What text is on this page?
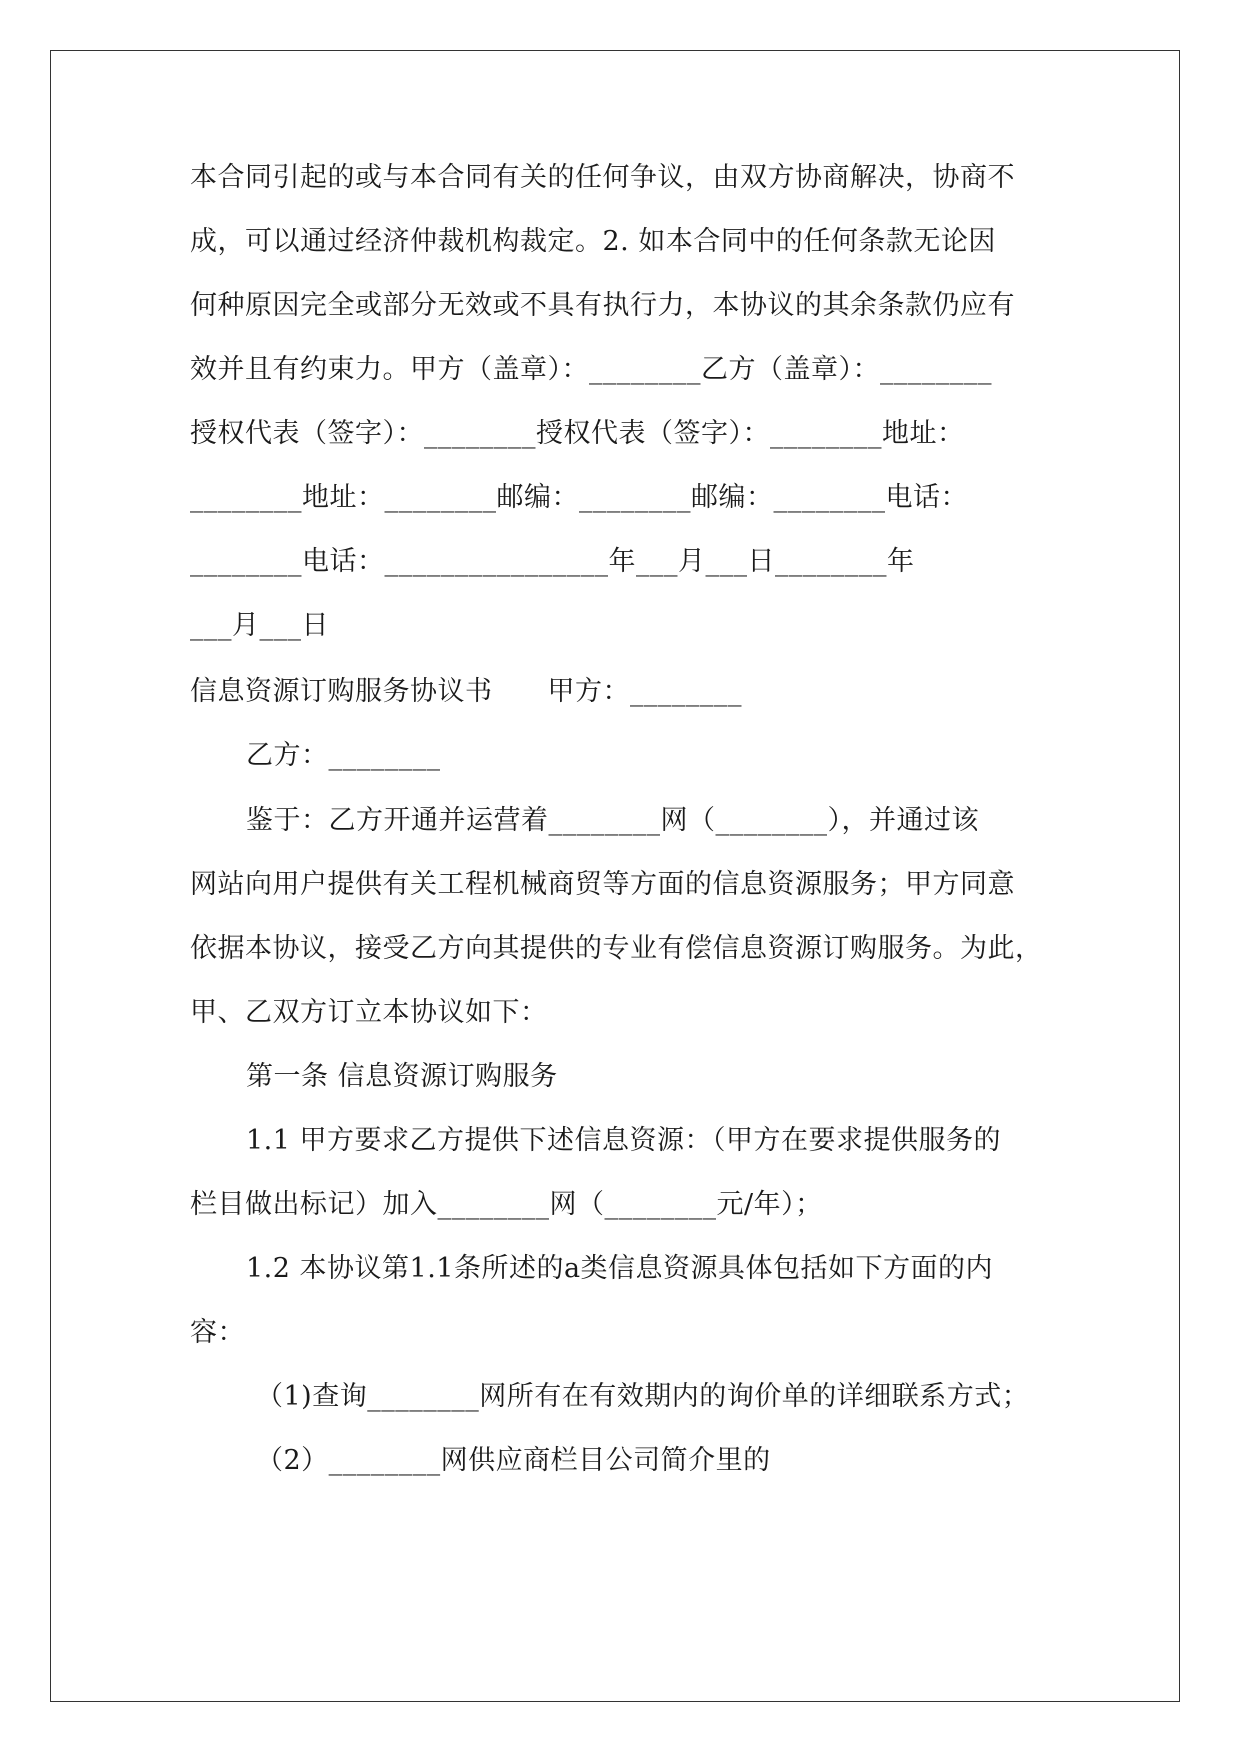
本合同引起的或与本合同有关的任何争议，由双方协商解决，协商不
成，可以通过经济仲裁机构裁定。2. 如本合同中的任何条款无论因
何种原因完全或部分无效或不具有执行力，本协议的其余条款仍应有
效并且有约束力。甲方（盖章）：________乙方（盖章）：________
授权代表（签字）：________授权代表（签字）：________地址：
________地址：________邮编：________邮编：________电话：
________电话：________________年___月___日________年
___月___日
信息资源订购服务协议书　　甲方：________
乙方：________
鉴于：乙方开通并运营着________网（________），并通过该
网站向用户提供有关工程机械商贸等方面的信息资源服务；甲方同意
依据本协议，接受乙方向其提供的专业有偿信息资源订购服务。为此，
甲、乙双方订立本协议如下：
第一条 信息资源订购服务
1.1 甲方要求乙方提供下述信息资源：（甲方在要求提供服务的
栏目做出标记）加入________网（________元/年）；
1.2 本协议第1.1条所述的a类信息资源具体包括如下方面的内
容：
（1)查询________网所有在有效期内的询价单的详细联系方式；
（2）________网供应商栏目公司简介里的
